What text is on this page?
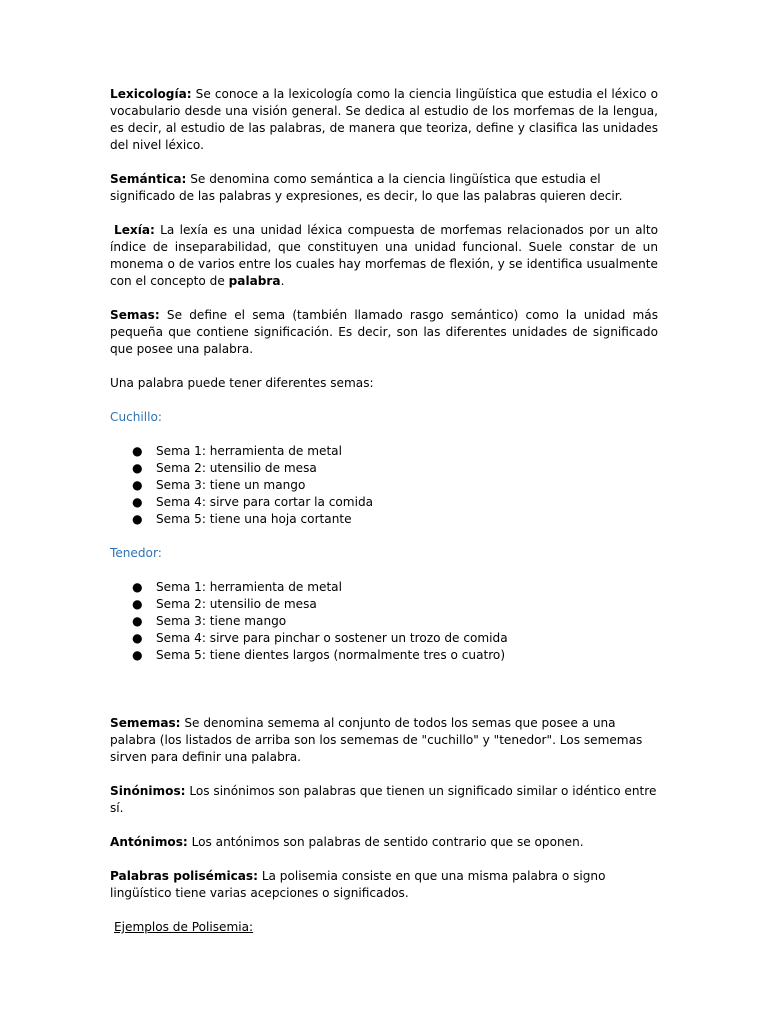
Lexicología: Se conoce a la lexicología como la ciencia lingüística que estudia el léxico o vocabulario desde una visión general. Se dedica al estudio de los morfemas de la lengua, es decir, al estudio de las palabras, de manera que teoriza, define y clasifica las unidades del nivel léxico.

Semántica: Se denomina como semántica a la ciencia lingüística que estudia el significado de las palabras y expresiones, es decir, lo que las palabras quieren decir.

Lexía: La lexía es una unidad léxica compuesta de morfemas relacionados por un alto índice de inseparabilidad, que constituyen una unidad funcional. Suele constar de un monema o de varios entre los cuales hay morfemas de flexión, y se identifica usualmente con el concepto de palabra.

Semas: Se define el sema (también llamado rasgo semántico) como la unidad más pequeña que contiene significación. Es decir, son las diferentes unidades de significado que posee una palabra.

Una palabra puede tener diferentes semas:

Cuchillo:

● Sema 1: herramienta de metal
● Sema 2: utensilio de mesa
● Sema 3: tiene un mango
● Sema 4: sirve para cortar la comida
● Sema 5: tiene una hoja cortante

Tenedor:

● Sema 1: herramienta de metal
● Sema 2: utensilio de mesa
● Sema 3: tiene mango
● Sema 4: sirve para pinchar o sostener un trozo de comida
● Sema 5: tiene dientes largos (normalmente tres o cuatro)

Sememas: Se denomina semema al conjunto de todos los semas que posee a una palabra (los listados de arriba son los sememas de "cuchillo" y "tenedor". Los sememas sirven para definir una palabra.

Sinónimos: Los sinónimos son palabras que tienen un significado similar o idéntico entre sí.

Antónimos: Los antónimos son palabras de sentido contrario que se oponen.

Palabras polisémicas: La polisemia consiste en que una misma palabra o signo lingüístico tiene varias acepciones o significados.

Ejemplos de Polisemia:
